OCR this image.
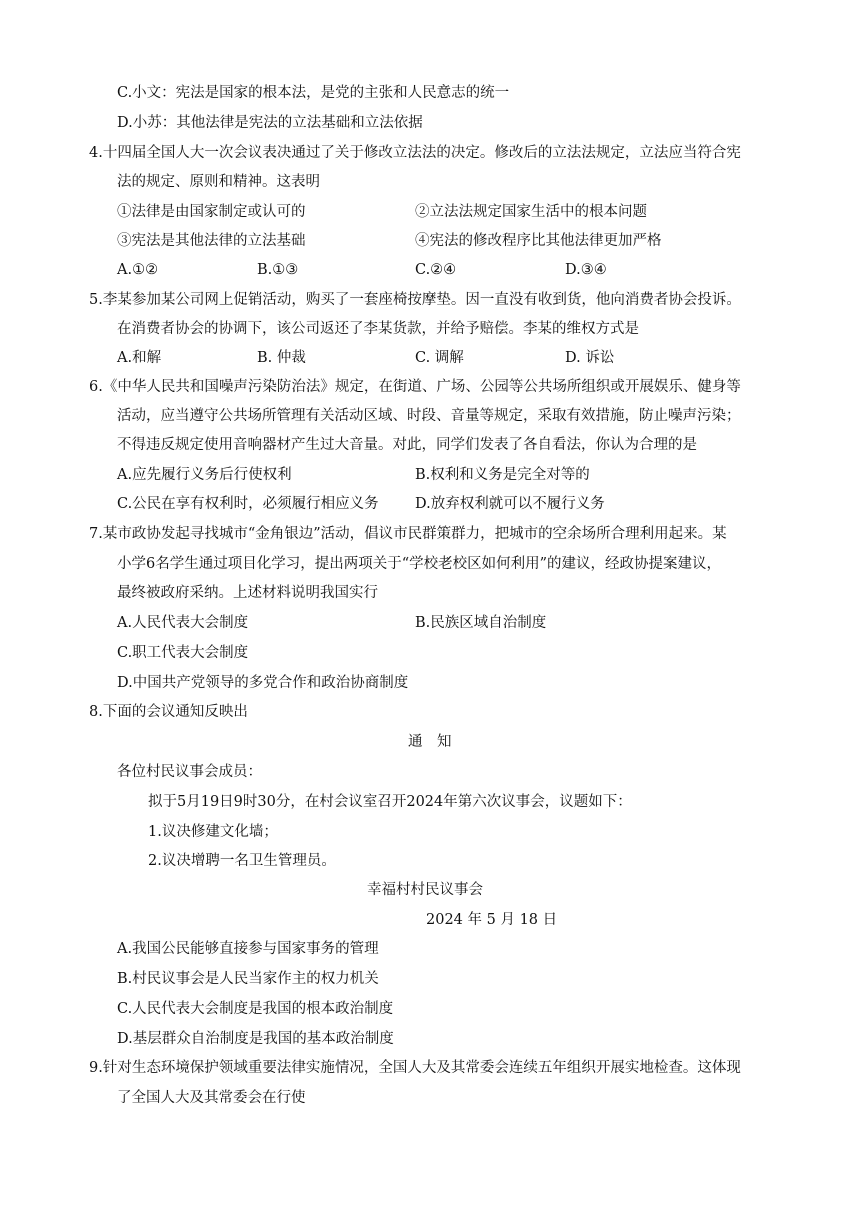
C.小文：宪法是国家的根本法，是党的主张和人民意志的统一
D.小苏：其他法律是宪法的立法基础和立法依据
4.十四届全国人大一次会议表决通过了关于修改立法法的决定。修改后的立法法规定，立法应当符合宪
法的规定、原则和精神。这表明
①法律是由国家制定或认可的	②立法法规定国家生活中的根本问题
③宪法是其他法律的立法基础	④宪法的修改程序比其他法律更加严格
A.①②	B.①③	C.②④	D.③④
5.李某参加某公司网上促销活动，购买了一套座椅按摩垫。因一直没有收到货，他向消费者协会投诉。
在消费者协会的协调下，该公司返还了李某货款，并给予赔偿。李某的维权方式是
A.和解	B. 仲裁	C. 调解	D. 诉讼
6.《中华人民共和国噪声污染防治法》规定，在街道、广场、公园等公共场所组织或开展娱乐、健身等
活动，应当遵守公共场所管理有关活动区域、时段、音量等规定，采取有效措施，防止噪声污染；
不得违反规定使用音响器材产生过大音量。对此，同学们发表了各自看法，你认为合理的是
A.应先履行义务后行使权利	B.权利和义务是完全对等的
C.公民在享有权利时，必须履行相应义务	D.放弃权利就可以不履行义务
7.某市政协发起寻找城市“金角银边”活动，倡议市民群策群力，把城市的空余场所合理利用起来。某
小学6名学生通过项目化学习，提出两项关于“学校老校区如何利用”的建议，经政协提案建议，
最终被政府采纳。上述材料说明我国实行
A.人民代表大会制度	B.民族区域自治制度
C.职工代表大会制度
D.中国共产党领导的多党合作和政治协商制度
8.下面的会议通知反映出
通　知
各位村民议事会成员：
拟于5月19日9时30分，在村会议室召开2024年第六次议事会，议题如下：
1.议决修建文化墙；
2.议决增聘一名卫生管理员。
幸福村村民议事会
2024 年 5 月 18 日
A.我国公民能够直接参与国家事务的管理
B.村民议事会是人民当家作主的权力机关
C.人民代表大会制度是我国的根本政治制度
D.基层群众自治制度是我国的基本政治制度
9.针对生态环境保护领域重要法律实施情况，全国人大及其常委会连续五年组织开展实地检查。这体现
了全国人大及其常委会在行使
